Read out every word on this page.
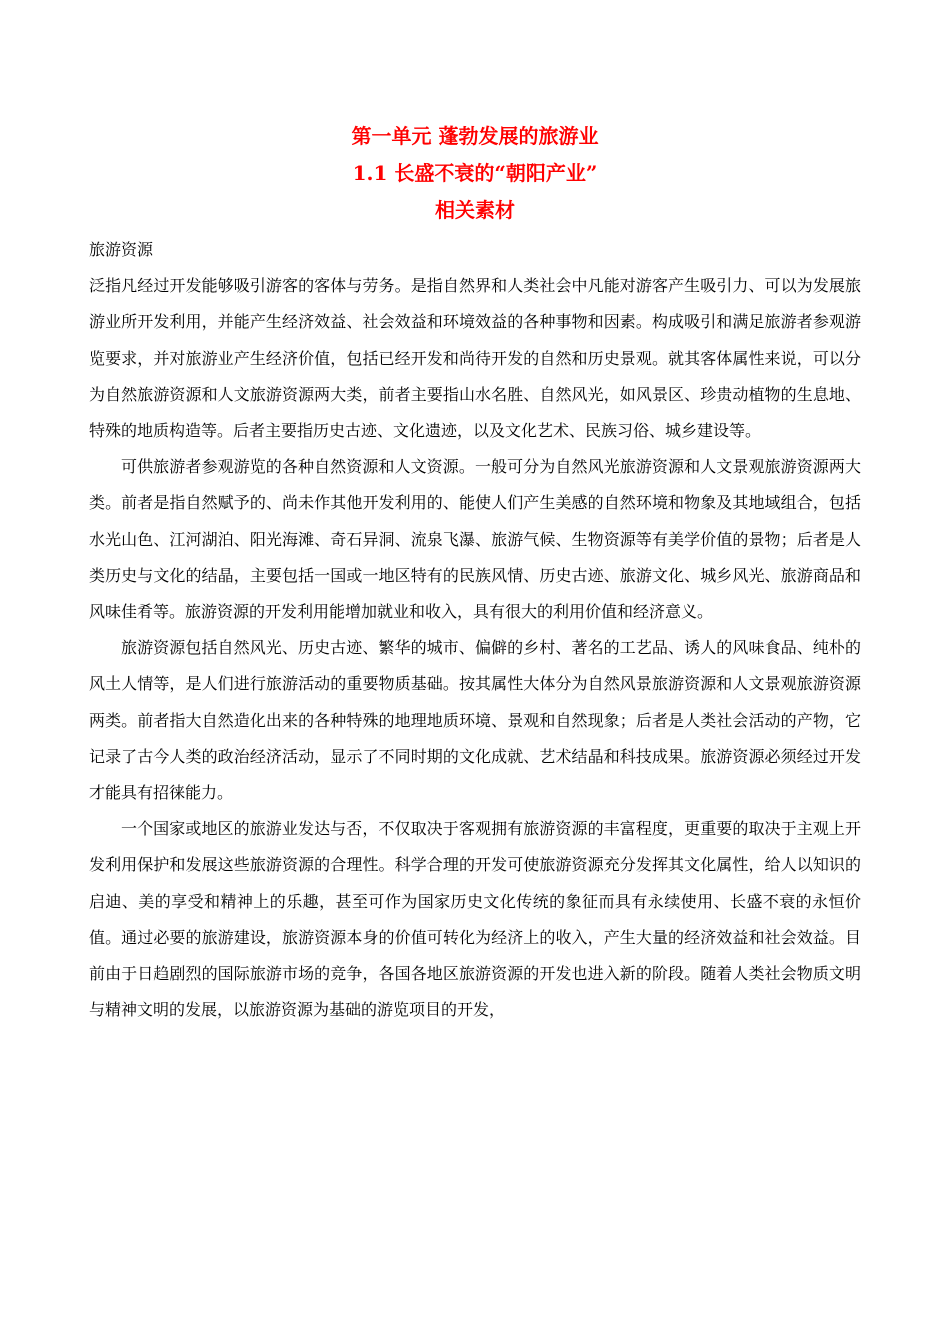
第一单元 蓬勃发展的旅游业
1.1 长盛不衰的“朝阳产业”
相关素材

旅游资源

泛指凡经过开发能够吸引游客的客体与劳务。是指自然界和人类社会中凡能对游客产生吸引力、可以为发展旅游业所开发利用，并能产生经济效益、社会效益和环境效益的各种事物和因素。构成吸引和满足旅游者参观游览要求，并对旅游业产生经济价值，包括已经开发和尚待开发的自然和历史景观。就其客体属性来说，可以分为自然旅游资源和人文旅游资源两大类，前者主要指山水名胜、自然风光，如风景区、珍贵动植物的生息地、特殊的地质构造等。后者主要指历史古迹、文化遗迹，以及文化艺术、民族习俗、城乡建设等。

可供旅游者参观游览的各种自然资源和人文资源。一般可分为自然风光旅游资源和人文景观旅游资源两大类。前者是指自然赋予的、尚未作其他开发利用的、能使人们产生美感的自然环境和物象及其地域组合，包括水光山色、江河湖泊、阳光海滩、奇石异洞、流泉飞瀑、旅游气候、生物资源等有美学价值的景物；后者是人类历史与文化的结晶，主要包括一国或一地区特有的民族风情、历史古迹、旅游文化、城乡风光、旅游商品和风味佳肴等。旅游资源的开发利用能增加就业和收入，具有很大的利用价值和经济意义。

旅游资源包括自然风光、历史古迹、繁华的城市、偏僻的乡村、著名的工艺品、诱人的风味食品、纯朴的风土人情等，是人们进行旅游活动的重要物质基础。按其属性大体分为自然风景旅游资源和人文景观旅游资源两类。前者指大自然造化出来的各种特殊的地理地质环境、景观和自然现象；后者是人类社会活动的产物，它记录了古今人类的政治经济活动，显示了不同时期的文化成就、艺术结晶和科技成果。旅游资源必须经过开发才能具有招徕能力。

一个国家或地区的旅游业发达与否，不仅取决于客观拥有旅游资源的丰富程度，更重要的取决于主观上开发利用保护和发展这些旅游资源的合理性。科学合理的开发可使旅游资源充分发挥其文化属性，给人以知识的启迪、美的享受和精神上的乐趣，甚至可作为国家历史文化传统的象征而具有永续使用、长盛不衰的永恒价值。通过必要的旅游建设，旅游资源本身的价值可转化为经济上的收入，产生大量的经济效益和社会效益。目前由于日趋剧烈的国际旅游市场的竞争，各国各地区旅游资源的开发也进入新的阶段。随着人类社会物质文明与精神文明的发展，以旅游资源为基础的游览项目的开发，
